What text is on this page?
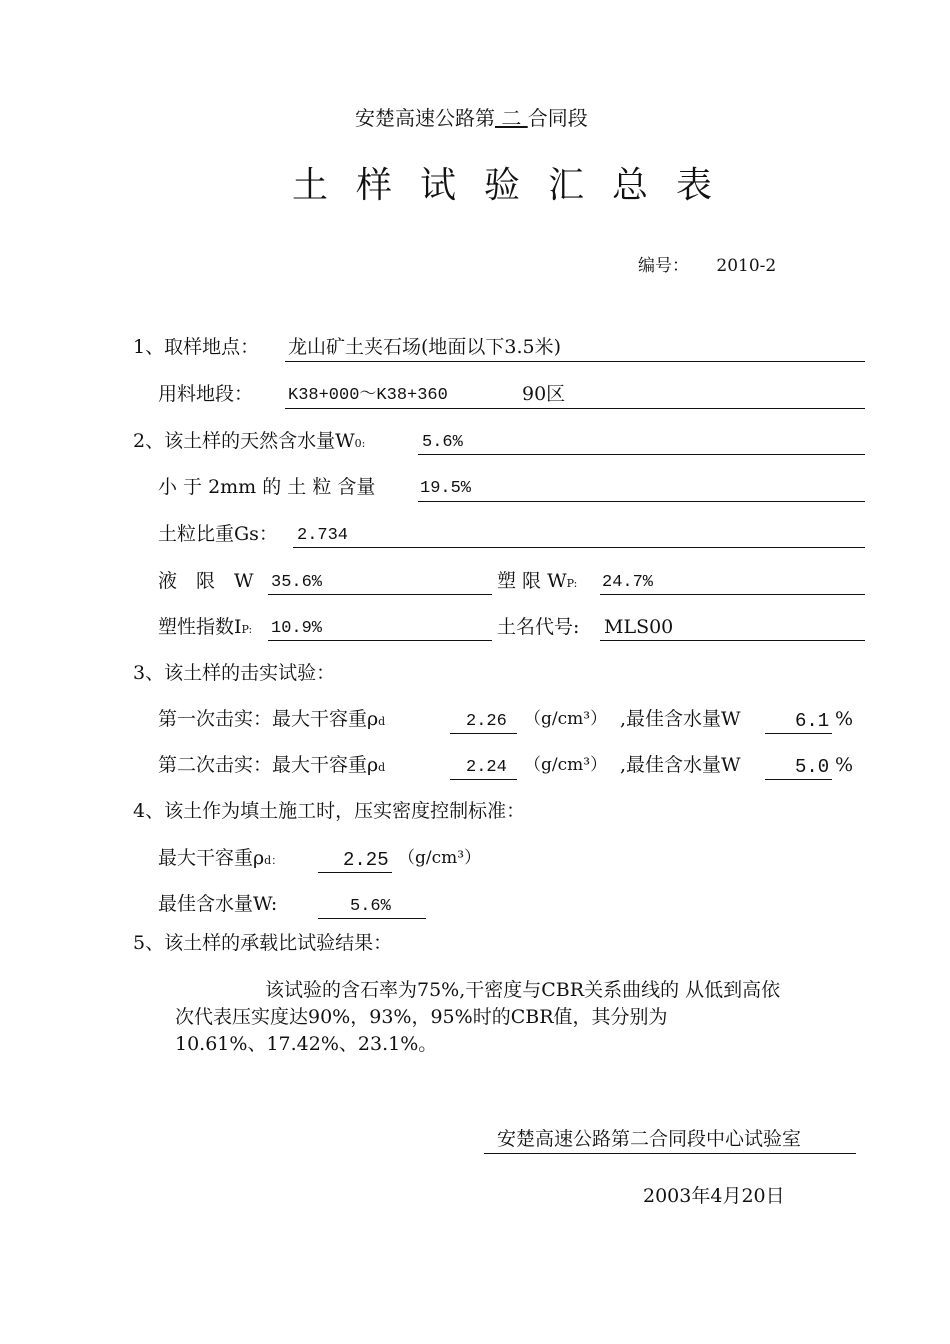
安楚高速公路第 二 合同段
土样试验汇总表
编号： 2010-2
1、取样地点： 龙山矿土夹石场(地面以下3.5米)
用料地段： K38+000～K38+360	90区
2、该土样的天然含水量W0:	5.6%
小 于 2mm 的 土 粒 含量	19.5%
土粒比重Gs： 2.734
液　限　W 35.6%	塑 限 WP: 24.7%
塑性指数IP: 10.9%	土名代号: MLS00
3、该土样的击实试验：
第一次击实：最大干容重ρd	2.26 （g/cm³） ,最佳含水量W	6.1 %
第二次击实：最大干容重ρd	2.24 （g/cm³） ,最佳含水量W	5.0 %
4、该土作为填土施工时，压实密度控制标准：
最大干容重ρd：	2.25 （g/cm³）
最佳含水量W:	5.6%
5、该土样的承载比试验结果：
该试验的含石率为75%,干密度与CBR关系曲线的 从低到高依
次代表压实度达90%，93%，95%时的CBR值，其分别为
10.61%、17.42%、23.1%。
安楚高速公路第二合同段中心试验室
2003年4月20日
